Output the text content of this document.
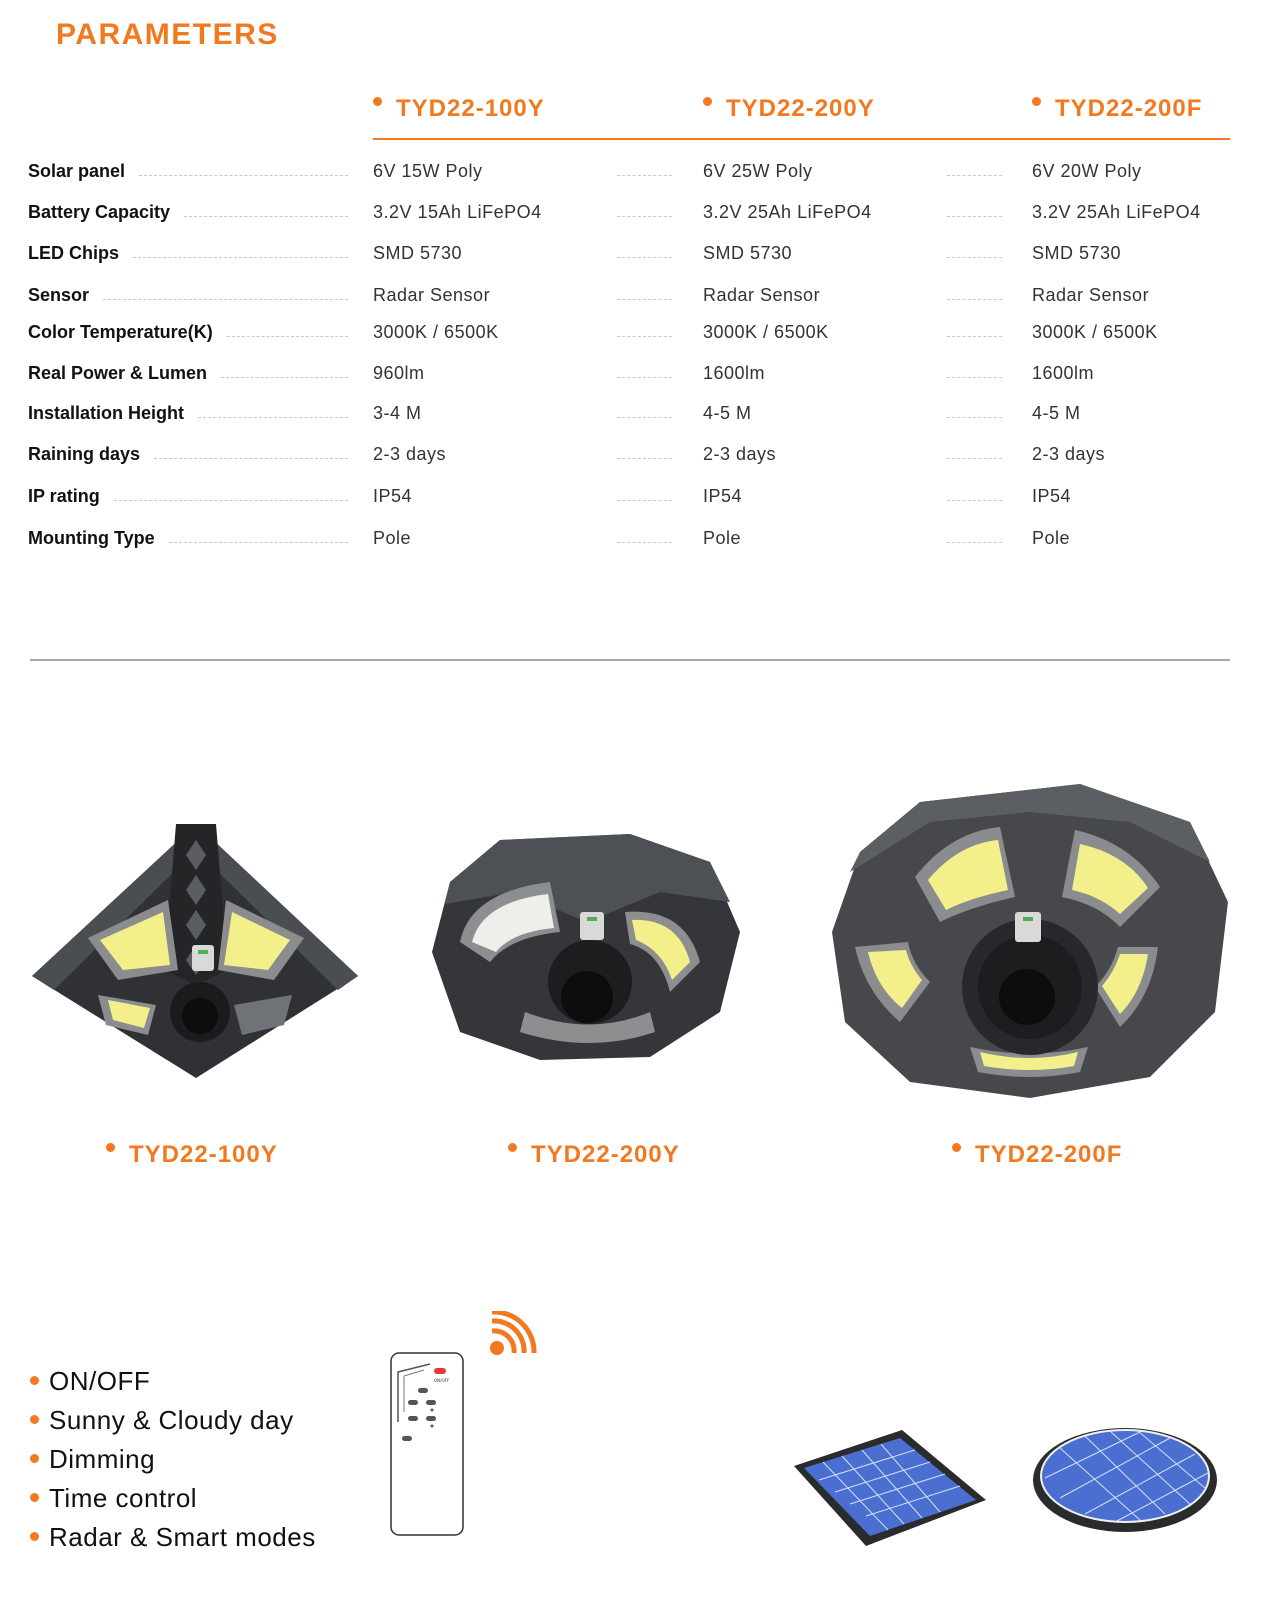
PARAMETERS
TYD22-100Y	TYD22-200Y	TYD22-200F
Solar panel	6V 15W Poly	6V 25W Poly	6V 20W Poly
Battery Capacity	3.2V 15Ah LiFePO4	3.2V 25Ah LiFePO4	3.2V 25Ah LiFePO4
LED Chips	SMD 5730	SMD 5730	SMD 5730
Sensor	Radar Sensor	Radar Sensor	Radar Sensor
Color Temperature(K)	3000K / 6500K	3000K / 6500K	3000K / 6500K
Real Power & Lumen	960lm	1600lm	1600lm
Installation Height	3-4 M	4-5 M	4-5 M
Raining days	2-3 days	2-3 days	2-3 days
IP rating	IP54	IP54	IP54
Mounting Type	Pole	Pole	Pole
TYD22-100Y	TYD22-200Y	TYD22-200F
ON/OFF
Sunny & Cloudy day
Dimming
Time control
Radar & Smart modes
ON/OFF
